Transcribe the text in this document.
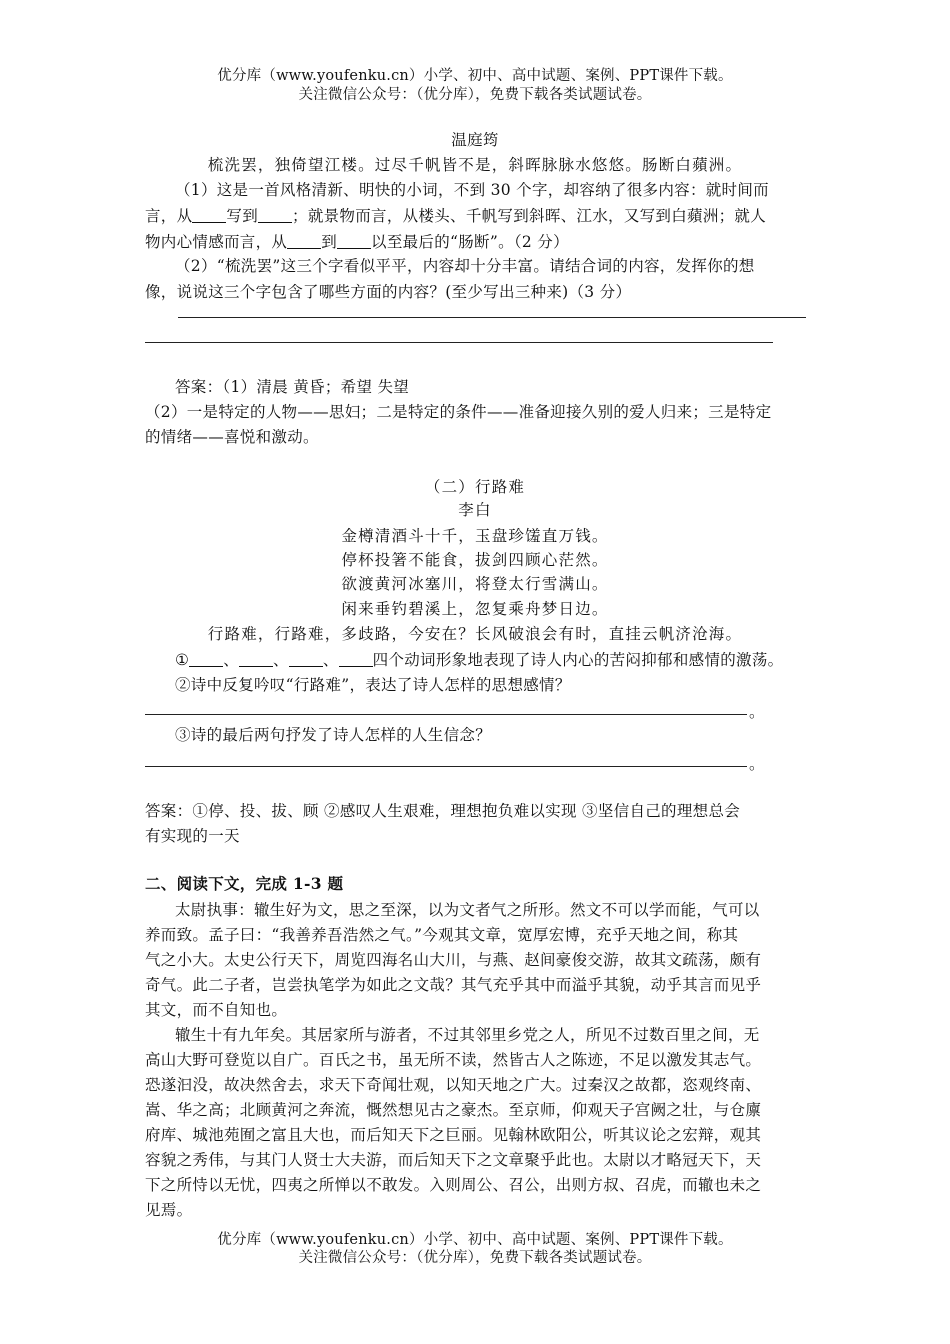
优分库（www.youfenku.cn）小学、初中、高中试题、案例、PPT课件下载。
关注微信公众号：（优分库），免费下载各类试题试卷。
温庭筠
梳洗罢，独倚望江楼。过尽千帆皆不是，斜晖脉脉水悠悠。肠断白蘋洲。
（1）这是一首风格清新、明快的小词，不到 30 个字，却容纳了很多内容：就时间而
言，从 写到 ；就景物而言，从楼头、千帆写到斜晖、江水，又写到白蘋洲；就人
物内心情感而言，从 到 以至最后的“肠断”。（2 分）
（2）“梳洗罢”这三个字看似平平，内容却十分丰富。请结合词的内容，发挥你的想
像，说说这三个字包含了哪些方面的内容？(至少写出三种来)（3 分）
答案：（1）清晨 黄昏；希望 失望
（2）一是特定的人物——思妇；二是特定的条件——准备迎接久别的爱人归来；三是特定
的情绪——喜悦和激动。
（二）行路难
李白
金樽清酒斗十千，玉盘珍馐直万钱。
停杯投箸不能食，拔剑四顾心茫然。
欲渡黄河冰塞川，将登太行雪满山。
闲来垂钓碧溪上，忽复乘舟梦日边。
行路难，行路难，多歧路，今安在？长风破浪会有时，直挂云帆济沧海。
① 、 、 、 四个动词形象地表现了诗人内心的苦闷抑郁和感情的激荡。
②诗中反复吟叹“行路难”，表达了诗人怎样的思想感情？
。
③诗的最后两句抒发了诗人怎样的人生信念？
。
答案：①停、投、拔、顾 ②感叹人生艰难，理想抱负难以实现 ③坚信自己的理想总会
有实现的一天
二、阅读下文，完成 1-3 题
太尉执事：辙生好为文，思之至深，以为文者气之所形。然文不可以学而能，气可以
养而致。孟子曰：“我善养吾浩然之气。”今观其文章，宽厚宏博，充乎天地之间，称其
气之小大。太史公行天下，周览四海名山大川，与燕、赵间豪俊交游，故其文疏荡，颇有
奇气。此二子者，岂尝执笔学为如此之文哉？其气充乎其中而溢乎其貌，动乎其言而见乎
其文，而不自知也。
辙生十有九年矣。其居家所与游者，不过其邻里乡党之人，所见不过数百里之间，无
高山大野可登览以自广。百氏之书，虽无所不读，然皆古人之陈迹，不足以激发其志气。
恐遂汩没，故决然舍去，求天下奇闻壮观，以知天地之广大。过秦汉之故都，恣观终南、
嵩、华之高；北顾黄河之奔流，慨然想见古之豪杰。至京师，仰观天子宫阙之壮，与仓廪
府库、城池苑囿之富且大也，而后知天下之巨丽。见翰林欧阳公，听其议论之宏辩，观其
容貌之秀伟，与其门人贤士大夫游，而后知天下之文章聚乎此也。太尉以才略冠天下，天
下之所恃以无忧，四夷之所惮以不敢发。入则周公、召公，出则方叔、召虎，而辙也未之
见焉。
优分库（www.youfenku.cn）小学、初中、高中试题、案例、PPT课件下载。
关注微信公众号：（优分库），免费下载各类试题试卷。
